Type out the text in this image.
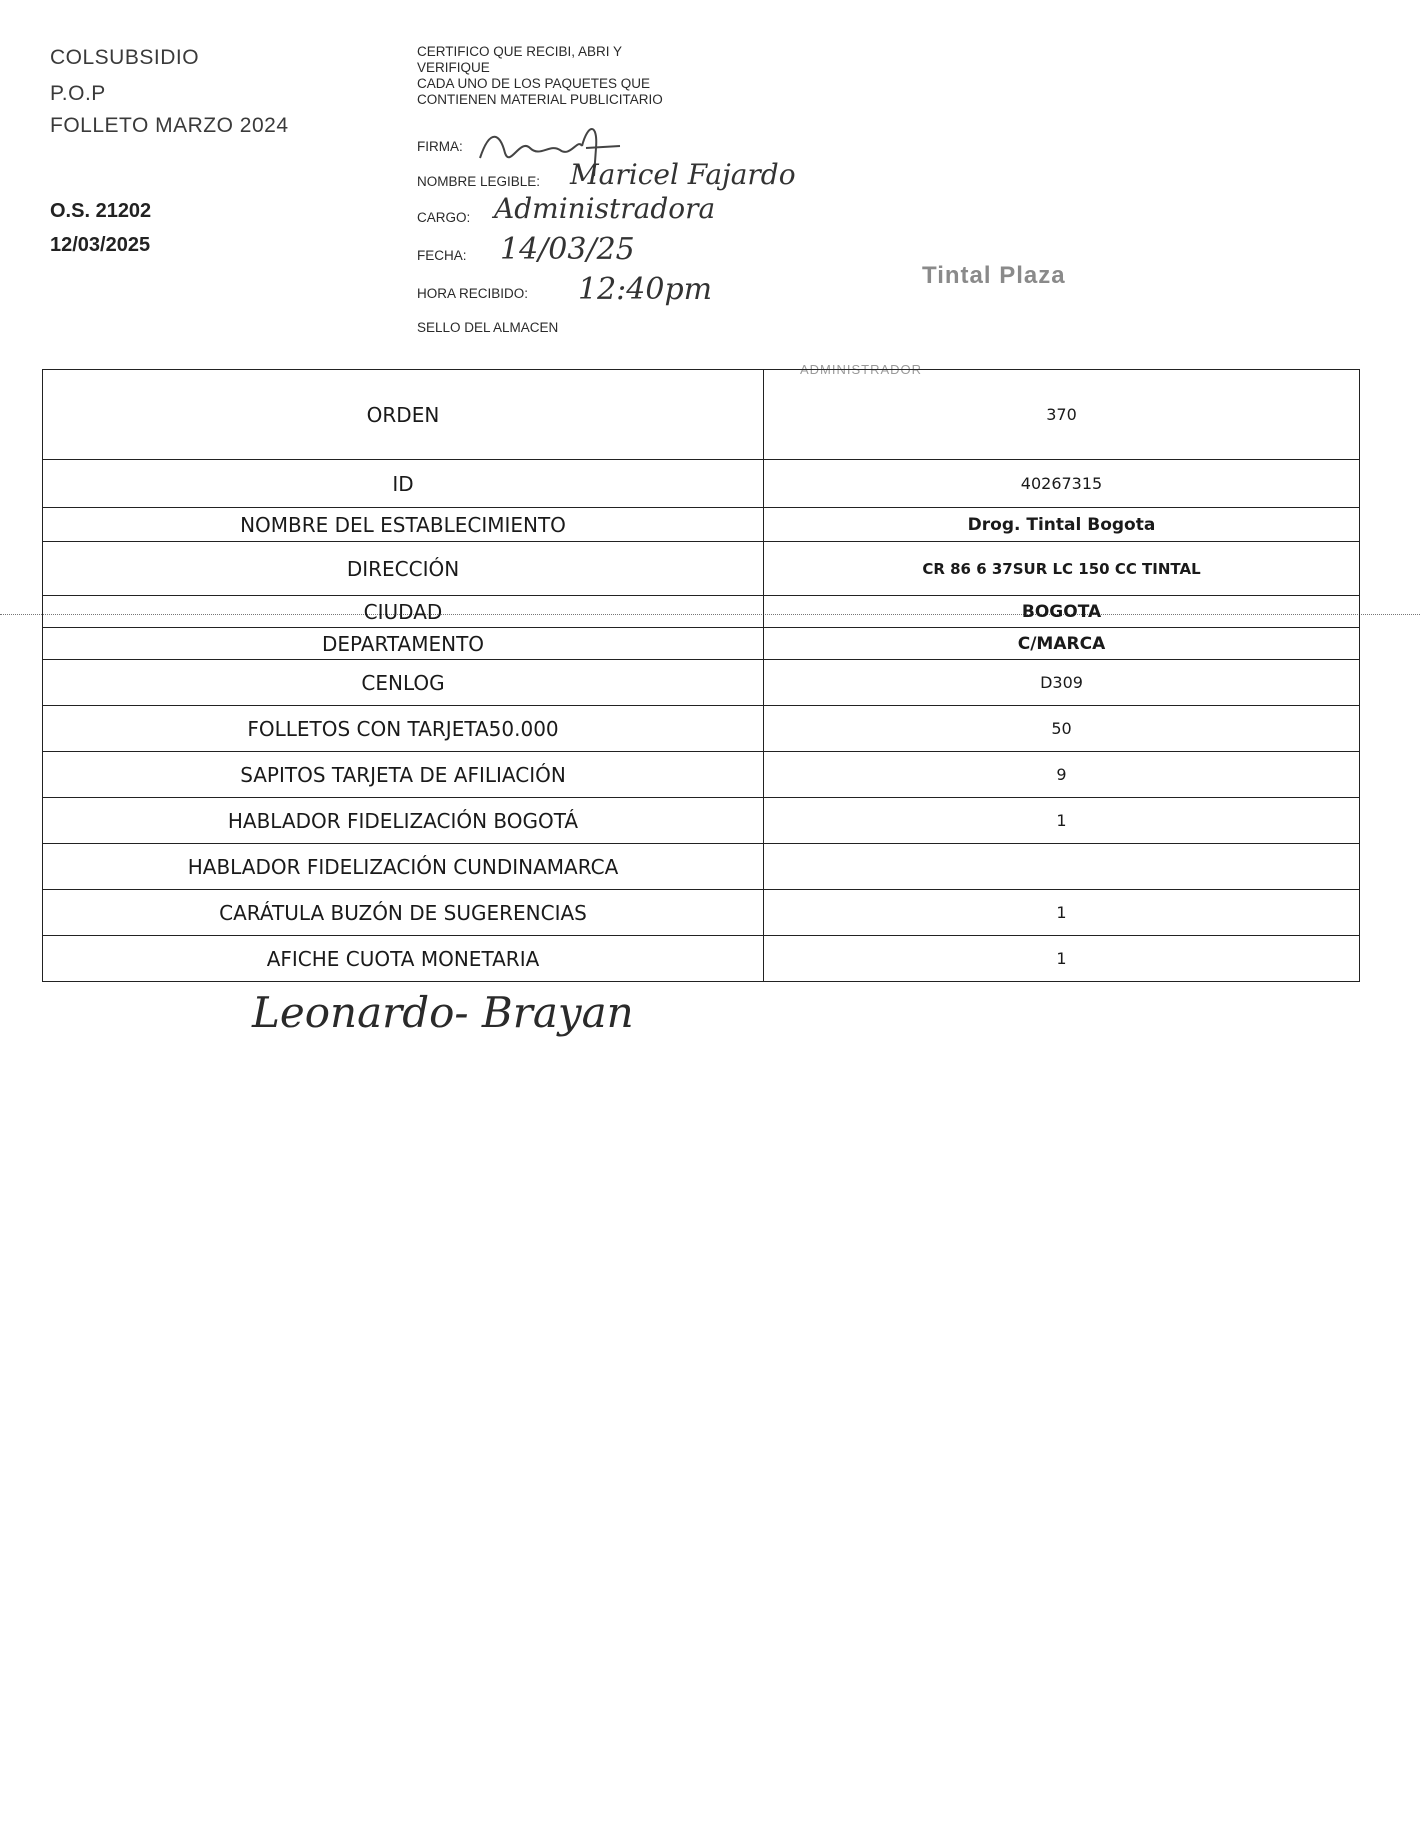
COLSUBSIDIO
P.O.P
FOLLETO MARZO 2024
O.S. 21202
12/03/2025
CERTIFICO QUE RECIBI, ABRI Y
VERIFIQUE
CADA UNO DE LOS PAQUETES QUE
CONTIENEN MATERIAL PUBLICITARIO
FIRMA:
NOMBRE LEGIBLE: Maricel Fajardo
CARGO: Administradora
FECHA: 14/03/25
HORA RECIBIDO: 12:40pm
SELLO DEL ALMACEN
Tintal Plaza
ADMINISTRADOR
ORDEN	370
ID	40267315
NOMBRE DEL ESTABLECIMIENTO	Drog. Tintal Bogota
DIRECCIÓN	CR 86 6 37SUR LC 150 CC TINTAL
CIUDAD	BOGOTA
DEPARTAMENTO	C/MARCA
CENLOG	D309
FOLLETOS CON TARJETA50.000	50
SAPITOS TARJETA DE AFILIACIÓN	9
HABLADOR FIDELIZACIÓN BOGOTÁ	1
HABLADOR FIDELIZACIÓN CUNDINAMARCA	
CARÁTULA BUZÓN DE SUGERENCIAS	1
AFICHE CUOTA MONETARIA	1
Leonardo- Brayan
